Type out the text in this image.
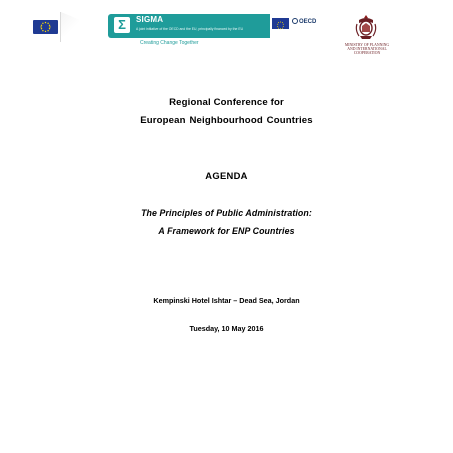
Σ	SIGMA
A joint initiative of the OECD and the EU, principally financed by the EU
Creating Change Together
OECD
MINISTRY OF PLANNING
AND INTERNATIONAL
COOPERATION
Regional Conference for
European Neighbourhood Countries
AGENDA
The Principles of Public Administration:
A Framework for ENP Countries
Kempinski Hotel Ishtar – Dead Sea, Jordan
Tuesday, 10 May 2016
